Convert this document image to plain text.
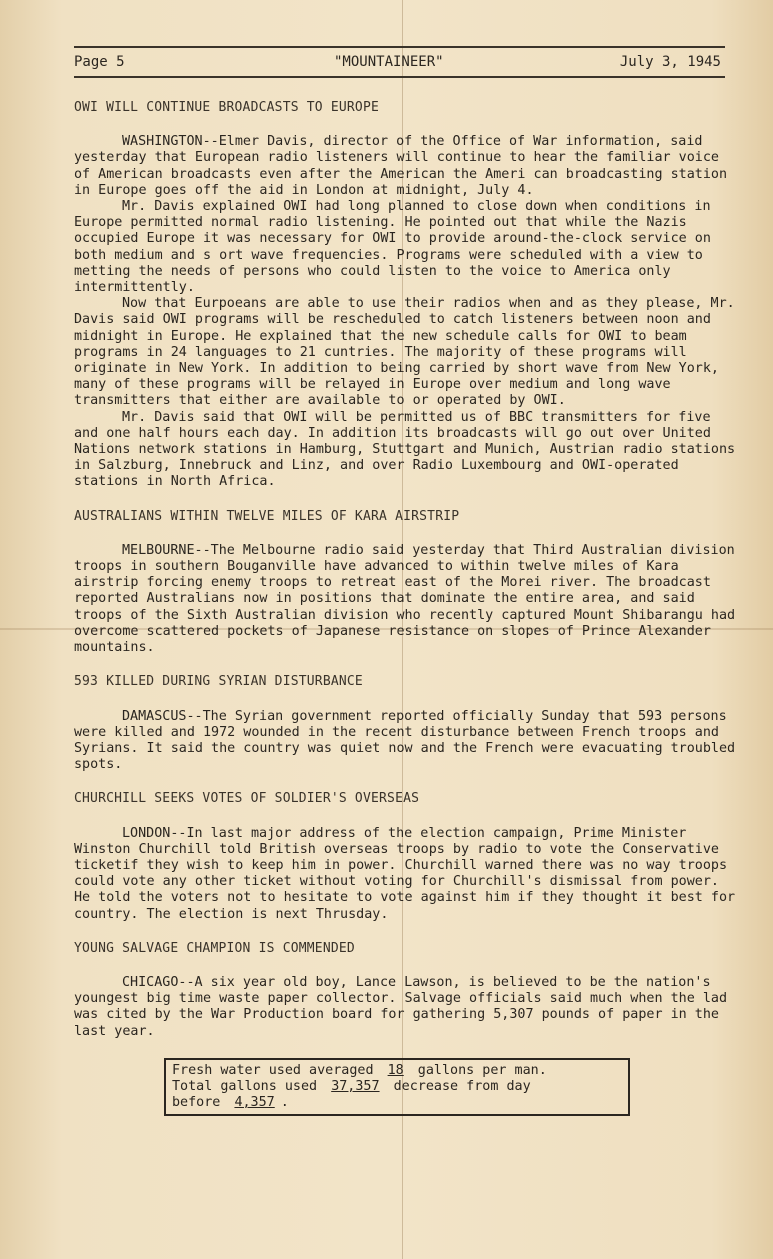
Page 5	"MOUNTAINEER"	July 3, 1945
OWI WILL CONTINUE BROADCASTS TO EUROPE

WASHINGTON--Elmer Davis, director of the Office of War information, said yesterday that European radio listeners will continue to hear the familiar voice of American broadcasts even after the American the Ameri can broadcasting station in Europe goes off the aid in London at midnight, July 4.

Mr. Davis explained OWI had long planned to close down when conditions in Europe permitted normal radio listening. He pointed out that while the Nazis occupied Europe it was necessary for OWI to provide around-the-clock service on both medium and s ort wave frequencies. Programs were scheduled with a view to metting the needs of persons who could listen to the voice to America only intermittently.

Now that Eurpoeans are able to use their radios when and as they please, Mr. Davis said OWI programs will be rescheduled to catch listeners between noon and midnight in Europe. He explained that the new schedule calls for OWI to beam programs in 24 languages to 21 cuntries. The majority of these programs will originate in New York. In addition to being carried by short wave from New York, many of these programs will be relayed in Europe over medium and long wave transmitters that either are available to or operated by OWI.

Mr. Davis said that OWI will be permitted us of BBC transmitters for five and one half hours each day. In addition its broadcasts will go out over United Nations network stations in Hamburg, Stuttgart and Munich, Austrian radio stations in Salzburg, Innebruck and Linz, and over Radio Luxembourg and OWI-operated stations in North Africa.

AUSTRALIANS WITHIN TWELVE MILES OF KARA AIRSTRIP

MELBOURNE--The Melbourne radio said yesterday that Third Australian division troops in southern Bouganville have advanced to within twelve miles of Kara airstrip forcing enemy troops to retreat east of the Morei river. The broadcast reported Australians now in positions that dominate the entire area, and said troops of the Sixth Australian division who recently captured Mount Shibarangu had overcome scattered pockets of Japanese resistance on slopes of Prince Alexander mountains.

593 KILLED DURING SYRIAN DISTURBANCE

DAMASCUS--The Syrian government reported officially Sunday that 593 persons were killed and 1972 wounded in the recent disturbance between French troops and Syrians. It said the country was quiet now and the French were evacuating troubled spots.

CHURCHILL SEEKS VOTES OF SOLDIER'S OVERSEAS

LONDON--In last major address of the election campaign, Prime Minister Winston Churchill told British overseas troops by radio to vote the Conservative ticketif they wish to keep him in power. Churchill warned there was no way troops could vote any other ticket without voting for Churchill's dismissal from power. He told the voters not to hesitate to vote against him if they thought it best for country. The election is next Thrusday.

YOUNG SALVAGE CHAMPION IS COMMENDED

CHICAGO--A six year old boy, Lance Lawson, is believed to be the nation's youngest big time waste paper collector. Salvage officials said much when the lad was cited by the War Production board for gathering 5,307 pounds of paper in the last year.

Fresh water used averaged 18 gallons per man.
Total gallons used 37,357 decrease from day
before 4,357 .
